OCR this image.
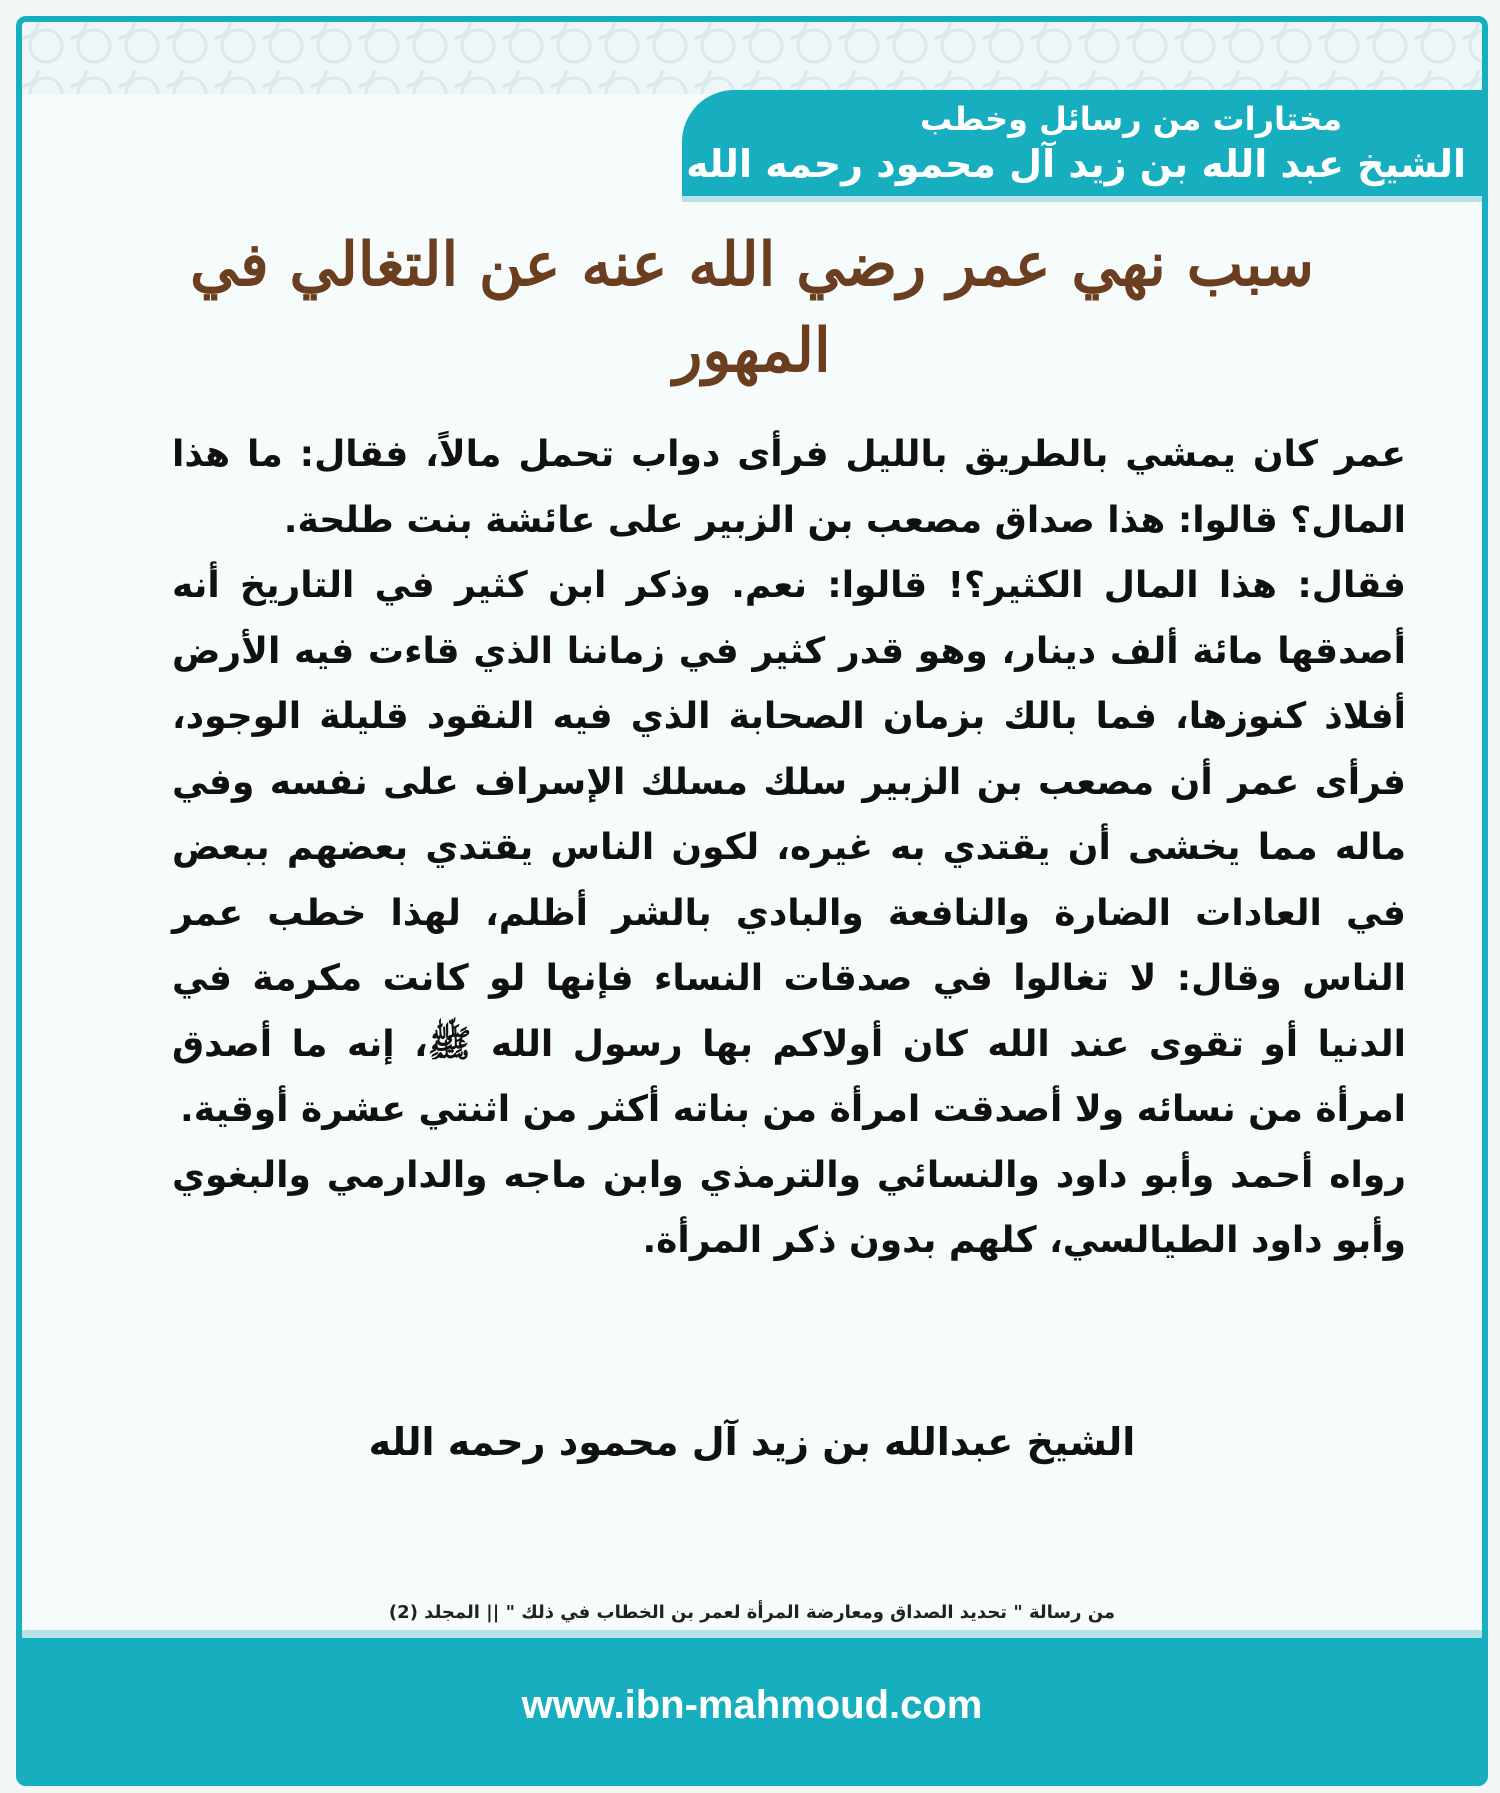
مختارات من رسائل وخطب
الشيخ عبد الله بن زيد آل محمود رحمه الله
سبب نهي عمر رضي الله عنه عن التغالي في المهور

عمر كان يمشي بالطريق بالليل فرأى دواب تحمل مالاً، فقال: ما هذا المال؟ قالوا: هذا صداق مصعب بن الزبير على عائشة بنت طلحة.

فقال: هذا المال الكثير؟! قالوا: نعم. وذكر ابن كثير في التاريخ أنه أصدقها مائة ألف دينار، وهو قدر كثير في زماننا الذي قاءت فيه الأرض أفلاذ كنوزها، فما بالك بزمان الصحابة الذي فيه النقود قليلة الوجود، فرأى عمر أن مصعب بن الزبير سلك مسلك الإسراف على نفسه وفي ماله مما يخشى أن يقتدي به غيره، لكون الناس يقتدي بعضهم ببعض في العادات الضارة والنافعة والبادي بالشر أظلم، لهذا خطب عمر الناس وقال: لا تغالوا في صدقات النساء فإنها لو كانت مكرمة في الدنيا أو تقوى عند الله كان أولاكم بها رسول الله ﷺ، إنه ما أصدق امرأة من نسائه ولا أصدقت امرأة من بناته أكثر من اثنتي عشرة أوقية.

رواه أحمد وأبو داود والنسائي والترمذي وابن ماجه والدارمي والبغوي وأبو داود الطيالسي، كلهم بدون ذكر المرأة.

الشيخ عبدالله بن زيد آل محمود رحمه الله
من رسالة " تحديد الصداق ومعارضة المرأة لعمر بن الخطاب في ذلك " || المجلد (2)
www.ibn-mahmoud.com
